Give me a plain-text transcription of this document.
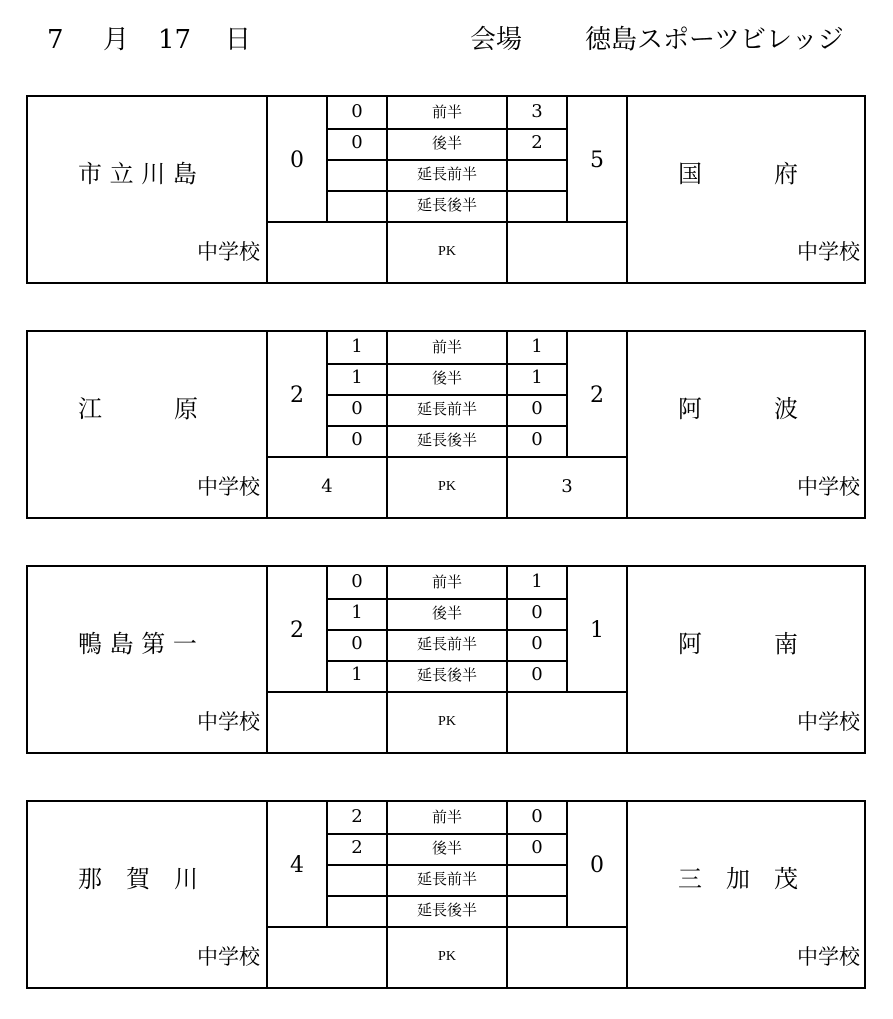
7 月 17 日	会場 徳島スポーツビレッジ
市 立 川 島	国　　　府
中学校	中学校
0	5
0	前半	3
0	後半	2
延長前半
延長後半
PK
江　　　原	阿　　　波
中学校	中学校
2	2
1	前半	1
1	後半	1
0	延長前半	0
0	延長後半	0
4	PK	3
鴨 島 第 一	阿　　　南
中学校	中学校
2	1
0	前半	1
1	後半	0
0	延長前半	0
1	延長後半	0
PK
那　賀　川	三　加　茂
中学校	中学校
4	0
2	前半	0
2	後半	0
延長前半
延長後半
PK
